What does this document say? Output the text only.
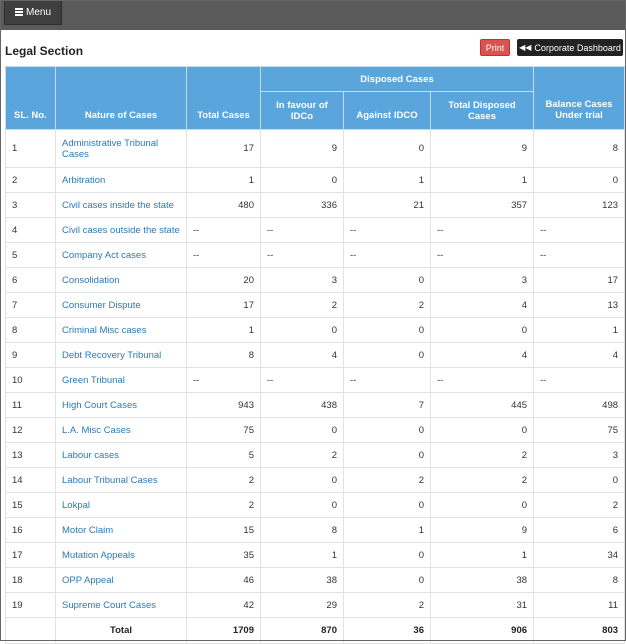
Menu
Legal Section	Print	◀◀ Corporate Dashboard
SL. No.	Nature of Cases	Total Cases	Disposed Cases			Balance Cases Under trial
			In favour of IDCo	Against IDCO	Total Disposed Cases	
1	Administrative Tribunal Cases	17	9	0	9	8
2	Arbitration	1	0	1	1	0
3	Civil cases inside the state	480	336	21	357	123
4	Civil cases outside the state	--	--	--	--	--
5	Company Act cases	--	--	--	--	--
6	Consolidation	20	3	0	3	17
7	Consumer Dispute	17	2	2	4	13
8	Criminal Misc cases	1	0	0	0	1
9	Debt Recovery Tribunal	8	4	0	4	4
10	Green Tribunal	--	--	--	--	--
11	High Court Cases	943	438	7	445	498
12	L.A. Misc Cases	75	0	0	0	75
13	Labour cases	5	2	0	2	3
14	Labour Tribunal Cases	2	0	2	2	0
15	Lokpal	2	0	0	0	2
16	Motor Claim	15	8	1	9	6
17	Mutation Appeals	35	1	0	1	34
18	OPP Appeal	46	38	0	38	8
19	Supreme Court Cases	42	29	2	31	11
	Total	1709	870	36	906	803
